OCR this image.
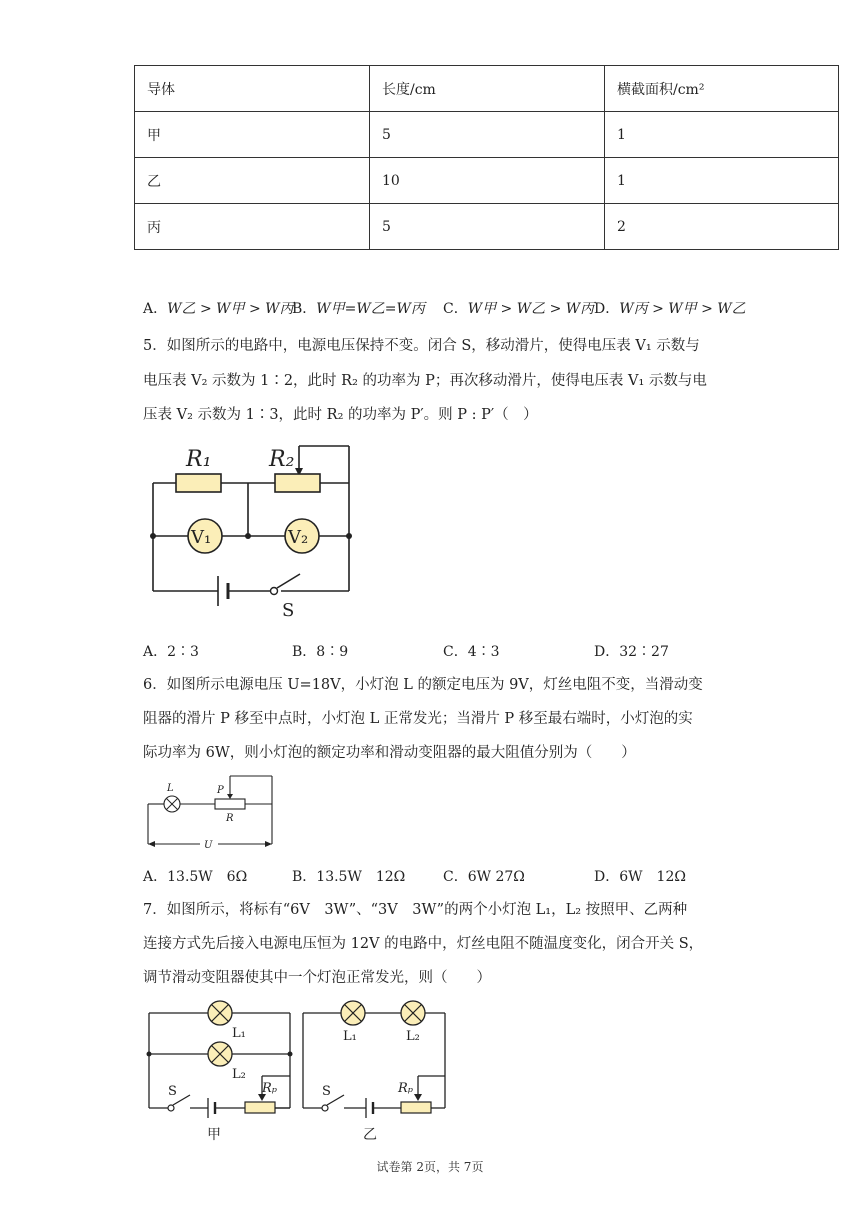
导体	长度/cm	横截面积/cm²
甲	5	1
乙	10	1
丙	5	2
A．W乙 > W甲 > W丙
B．W甲=W乙=W丙 C．W甲 > W乙 > W丙 D．W丙 > W甲 > W乙
5．如图所示的电路中，电源电压保持不变。闭合 S，移动滑片，使得电压表 V₁ 示数与
电压表 V₂ 示数为 1∶2，此时 R₂ 的功率为 P；再次移动滑片，使得电压表 V₁ 示数与电
压表 V₂ 示数为 1∶3，此时 R₂ 的功率为 P′。则 P : P′（　）
R₁	R₂
V₁	V₂
S
A．2∶3	B．8∶9	C．4∶3	D．32∶27
6．如图所示电源电压 U=18V，小灯泡 L 的额定电压为 9V，灯丝电阻不变，当滑动变
阻器的滑片 P 移至中点时，小灯泡 L 正常发光；当滑片 P 移至最右端时，小灯泡的实
际功率为 6W，则小灯泡的额定功率和滑动变阻器的最大阻值分别为（　　）
U
L	P
R
A．13.5W　6Ω	B．13.5W　12Ω	C．6W 27Ω	D．6W　12Ω
7．如图所示，将标有“6V　3W”、“3V　3W”的两个小灯泡 L₁，L₂ 按照甲、乙两种
连接方式先后接入电源电压恒为 12V 的电路中，灯丝电阻不随温度变化，闭合开关 S，
调节滑动变阻器使其中一个灯泡正常发光，则（　　）
L₁
L₂
S	Rₚ
甲
L₁	L₂
S	Rₚ
乙
试卷第 2页，共 7页
